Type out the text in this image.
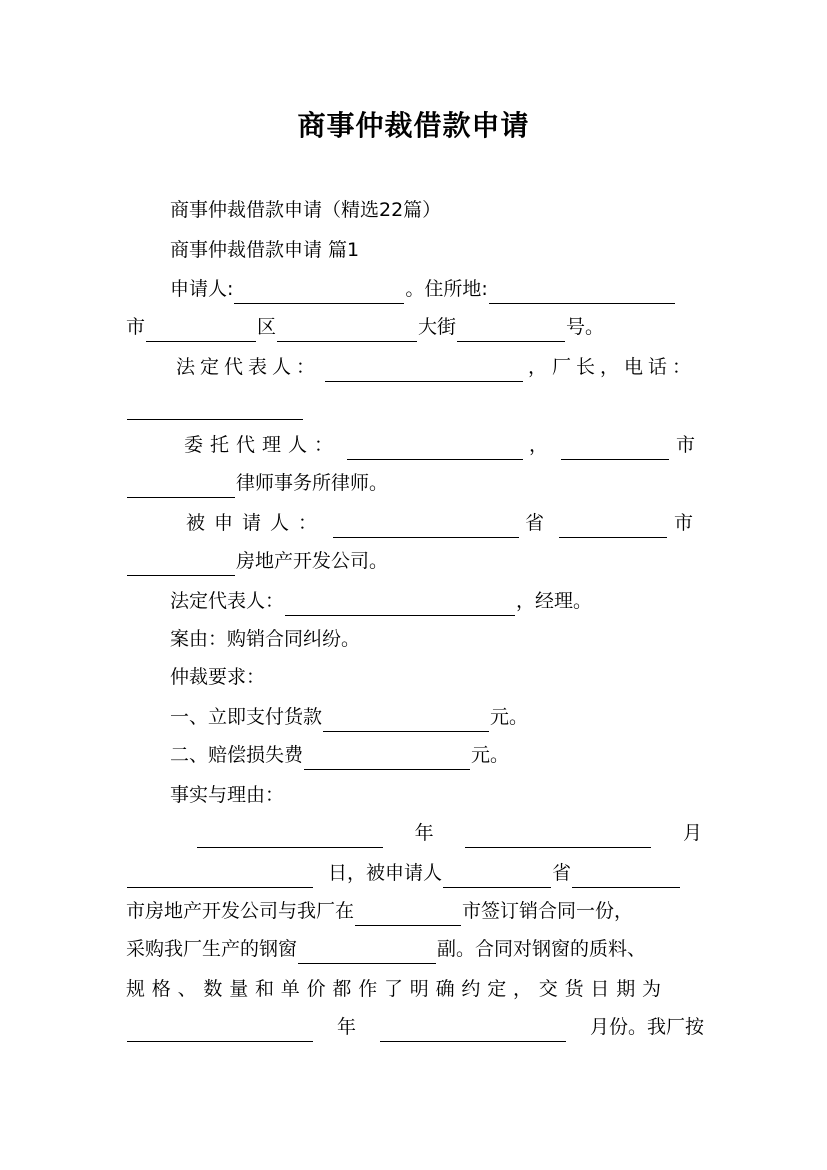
商事仲裁借款申请
商事仲裁借款申请（精选22篇）
商事仲裁借款申请 篇1
申请人:	。住所地:
市	区	大街	号。
法定代表人：	，厂长，电话：
委托代理人：	，	市
律师事务所律师。
被申请人：	省	市
房地产开发公司。
法定代表人：	，经理。
案由：购销合同纠纷。
仲裁要求：
一、立即支付货款	元。
二、赔偿损失费	元。
事实与理由：
年	月
日，被申请人	省
市房地产开发公司与我厂在	市签订销合同一份，
采购我厂生产的钢窗	副。合同对钢窗的质料、
规格、数量和单价都作了明确约定，交货日期为
年	月份。我厂按
